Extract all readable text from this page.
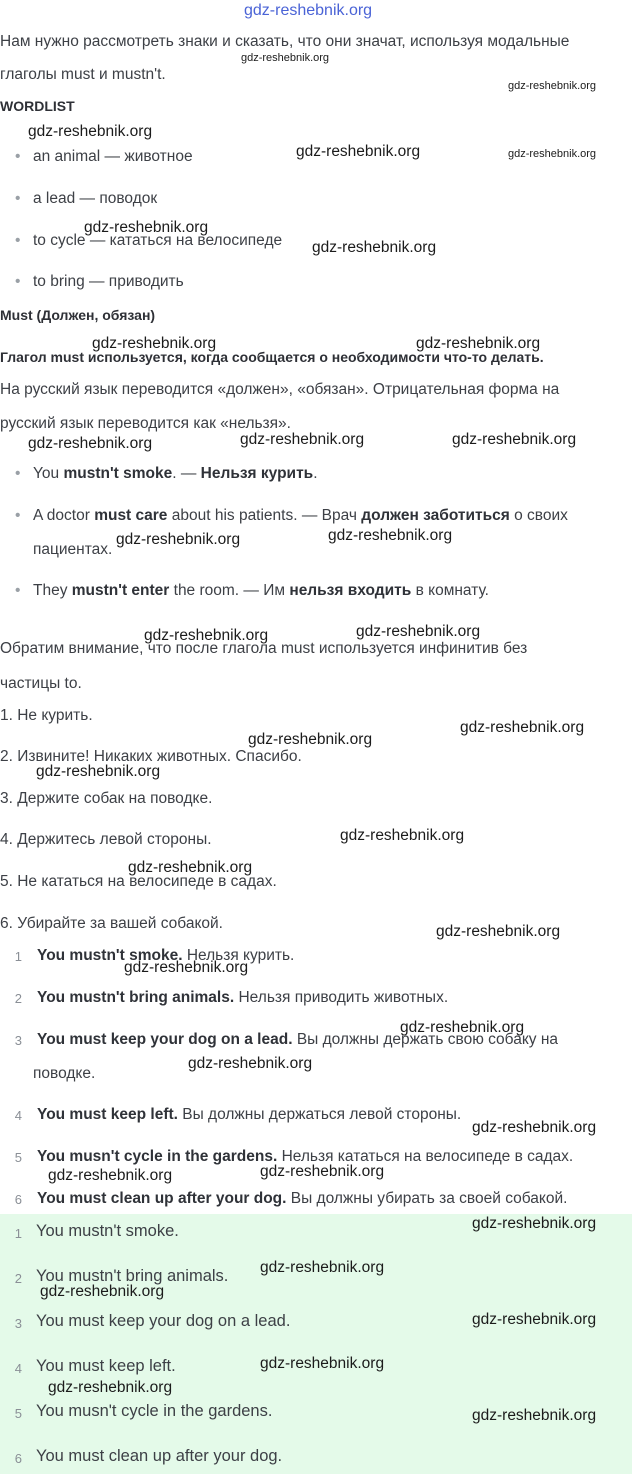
gdz-reshebnik.org
Нам нужно рассмотреть знаки и сказать, что они значат, используя модальные
глаголы must и mustn't.
WORDLIST
• an animal — животное
• a lead — поводок
• to cycle — кататься на велосипеде
• to bring — приводить
Must (Должен, обязан)
Глагол must используется, когда сообщается о необходимости что-то делать.
На русский язык переводится «должен», «обязан». Отрицательная форма на
русский язык переводится как «нельзя».
• You mustn't smoke. — Нельзя курить.
• A doctor must care about his patients. — Врач должен заботиться о своих
пациентах.
• They mustn't enter the room. — Им нельзя входить в комнату.
Обратим внимание, что после глагола must используется инфинитив без
частицы to.
1. Не курить.
2. Извините! Никаких животных. Спасибо.
3. Держите собак на поводке.
4. Держитесь левой стороны.
5. Не кататься на велосипеде в садах.
6. Убирайте за вашей собакой.
1 You mustn't smoke. Нельзя курить.
2 You mustn't bring animals. Нельзя приводить животных.
3 You must keep your dog on a lead. Вы должны держать свою собаку на
поводке.
4 You must keep left. Вы должны держаться левой стороны.
5 You musn't cycle in the gardens. Нельзя кататься на велосипеде в садах.
6 You must clean up after your dog. Вы должны убирать за своей собакой.
1 You mustn't smoke.
2 You mustn't bring animals.
3 You must keep your dog on a lead.
4 You must keep left.
5 You musn't cycle in the gardens.
6 You must clean up after your dog.
gdz-reshebnik.org
gdz-reshebnik.org
gdz-reshebnik.org
gdz-reshebnik.org	gdz-reshebnik.org
gdz-reshebnik.org
gdz-reshebnik.org
gdz-reshebnik.org	gdz-reshebnik.org
gdz-reshebnik.org	gdz-reshebnik.org	gdz-reshebnik.org
gdz-reshebnik.org	gdz-reshebnik.org
gdz-reshebnik.org	gdz-reshebnik.org
gdz-reshebnik.org
gdz-reshebnik.org
gdz-reshebnik.org
gdz-reshebnik.org
gdz-reshebnik.org
gdz-reshebnik.org
gdz-reshebnik.org
gdz-reshebnik.org
gdz-reshebnik.org
gdz-reshebnik.org
gdz-reshebnik.org	gdz-reshebnik.org
gdz-reshebnik.org
gdz-reshebnik.org
gdz-reshebnik.org
gdz-reshebnik.org
gdz-reshebnik.org
gdz-reshebnik.org
gdz-reshebnik.org
